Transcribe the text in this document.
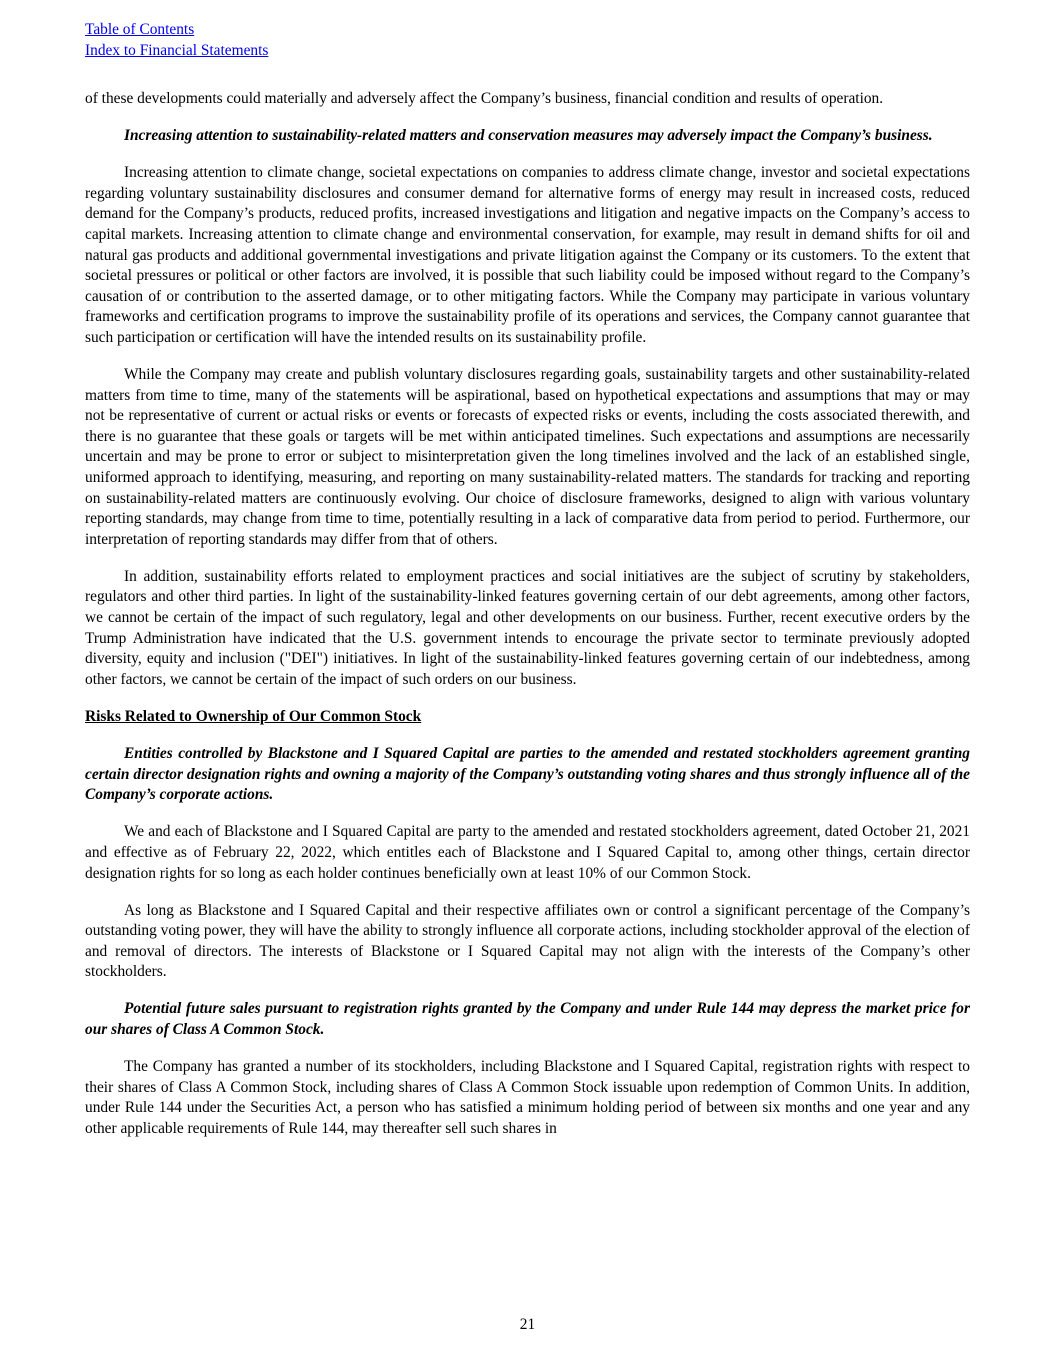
Table of Contents
Index to Financial Statements

of these developments could materially and adversely affect the Company’s business, financial condition and results of operation.

Increasing attention to sustainability-related matters and conservation measures may adversely impact the Company’s business.

Increasing attention to climate change, societal expectations on companies to address climate change, investor and societal expectations regarding voluntary sustainability disclosures and consumer demand for alternative forms of energy may result in increased costs, reduced demand for the Company’s products, reduced profits, increased investigations and litigation and negative impacts on the Company’s access to capital markets. Increasing attention to climate change and environmental conservation, for example, may result in demand shifts for oil and natural gas products and additional governmental investigations and private litigation against the Company or its customers. To the extent that societal pressures or political or other factors are involved, it is possible that such liability could be imposed without regard to the Company’s causation of or contribution to the asserted damage, or to other mitigating factors. While the Company may participate in various voluntary frameworks and certification programs to improve the sustainability profile of its operations and services, the Company cannot guarantee that such participation or certification will have the intended results on its sustainability profile.

While the Company may create and publish voluntary disclosures regarding goals, sustainability targets and other sustainability-related matters from time to time, many of the statements will be aspirational, based on hypothetical expectations and assumptions that may or may not be representative of current or actual risks or events or forecasts of expected risks or events, including the costs associated therewith, and there is no guarantee that these goals or targets will be met within anticipated timelines. Such expectations and assumptions are necessarily uncertain and may be prone to error or subject to misinterpretation given the long timelines involved and the lack of an established single, uniformed approach to identifying, measuring, and reporting on many sustainability-related matters. The standards for tracking and reporting on sustainability-related matters are continuously evolving. Our choice of disclosure frameworks, designed to align with various voluntary reporting standards, may change from time to time, potentially resulting in a lack of comparative data from period to period. Furthermore, our interpretation of reporting standards may differ from that of others.

In addition, sustainability efforts related to employment practices and social initiatives are the subject of scrutiny by stakeholders, regulators and other third parties. In light of the sustainability-linked features governing certain of our debt agreements, among other factors, we cannot be certain of the impact of such regulatory, legal and other developments on our business. Further, recent executive orders by the Trump Administration have indicated that the U.S. government intends to encourage the private sector to terminate previously adopted diversity, equity and inclusion ("DEI") initiatives. In light of the sustainability-linked features governing certain of our indebtedness, among other factors, we cannot be certain of the impact of such orders on our business.

Risks Related to Ownership of Our Common Stock

Entities controlled by Blackstone and I Squared Capital are parties to the amended and restated stockholders agreement granting certain director designation rights and owning a majority of the Company’s outstanding voting shares and thus strongly influence all of the Company’s corporate actions.

We and each of Blackstone and I Squared Capital are party to the amended and restated stockholders agreement, dated October 21, 2021 and effective as of February 22, 2022, which entitles each of Blackstone and I Squared Capital to, among other things, certain director designation rights for so long as each holder continues beneficially own at least 10% of our Common Stock.

As long as Blackstone and I Squared Capital and their respective affiliates own or control a significant percentage of the Company’s outstanding voting power, they will have the ability to strongly influence all corporate actions, including stockholder approval of the election of and removal of directors. The interests of Blackstone or I Squared Capital may not align with the interests of the Company’s other stockholders.

Potential future sales pursuant to registration rights granted by the Company and under Rule 144 may depress the market price for our shares of Class A Common Stock.

The Company has granted a number of its stockholders, including Blackstone and I Squared Capital, registration rights with respect to their shares of Class A Common Stock, including shares of Class A Common Stock issuable upon redemption of Common Units. In addition, under Rule 144 under the Securities Act, a person who has satisfied a minimum holding period of between six months and one year and any other applicable requirements of Rule 144, may thereafter sell such shares in

21
